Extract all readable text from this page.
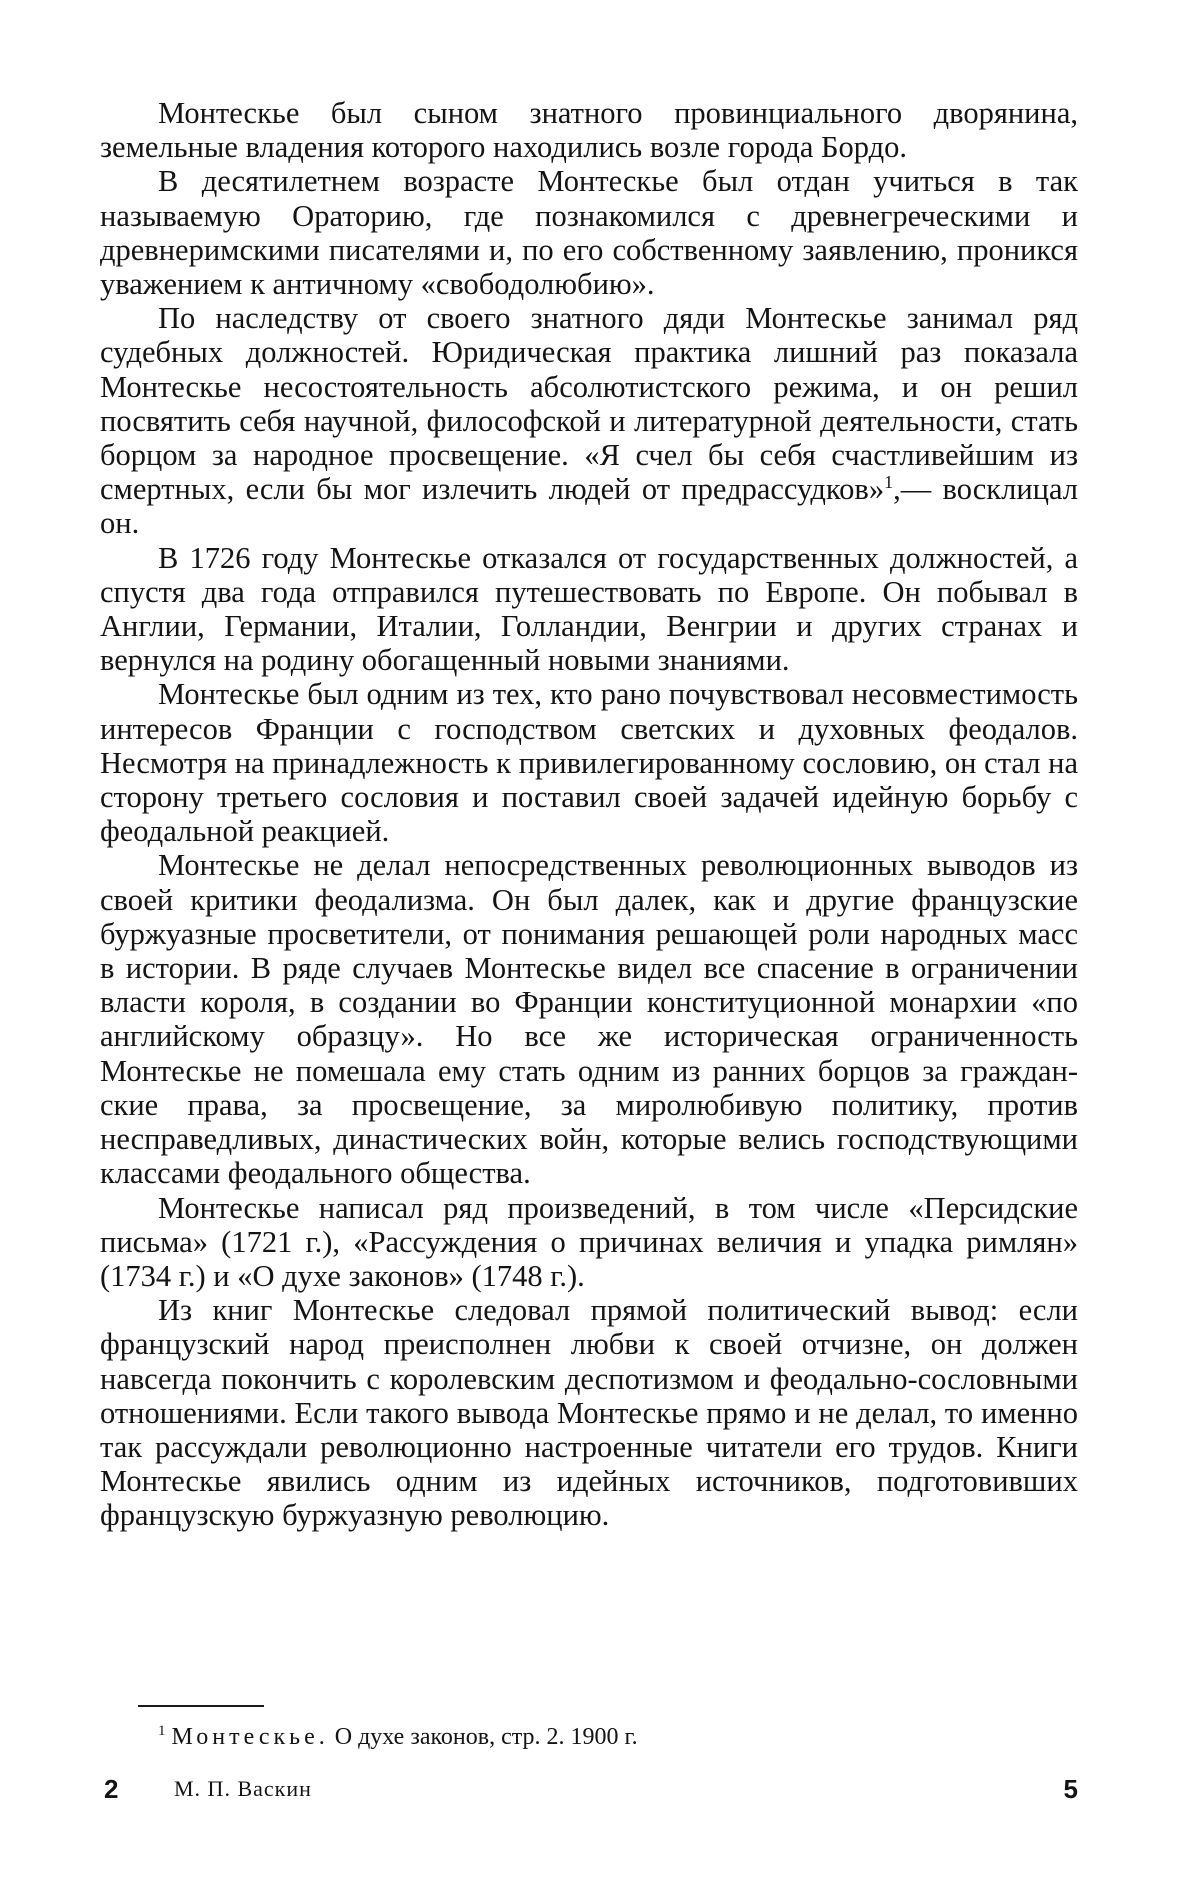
Монтескье был сыном знатного провинциального дворянина, земельные владения которого находились возле города Бордо.

В десятилетнем возрасте Монтескье был отдан учиться в так называемую Ораторию, где познакомился с древнегреческими и древнеримскими писателями и, по его собственному заявлению, проникся уважением к античному «свободолюбию».

По наследству от своего знатного дяди Монтескье занимал ряд судебных должностей. Юридическая практика лишний раз показала Монтескье несостоятельность абсолютистского режима, и он решил посвятить себя научной, философской и литературной деятельности, стать борцом за народное просвещение. «Я счел бы себя счастливейшим из смертных, если бы мог излечить людей от предрассудков»$^1$,— восклицал он.

В 1726 году Монтескье отказался от государственных должностей, а спустя два года отправился путешествовать по Европе. Он побывал в Англии, Германии, Италии, Голландии, Венгрии и других странах и вернулся на родину обогащенный новыми знаниями.

Монтескье был одним из тех, кто рано почувствовал несовместимость интересов Франции с господством светских и духовных феодалов. Несмотря на принадлежность к привилегированному сословию, он стал на сторону третьего сословия и поставил своей задачей идейную борьбу с феодальной реакцией.

Монтескье не делал непосредственных революционных выводов из своей критики феодализма. Он был далек, как и другие французские буржуазные просветители, от понимания решающей роли народных масс в истории. В ряде случаев Монтескье видел все спасение в ограничении власти короля, в создании во Франции конституционной монархии «по английскому образцу». Но все же историческая ограниченность Монтескье не помешала ему стать одним из ранних борцов за гражданские права, за просвещение, за миролюбивую политику, против несправедливых, династических войн, которые велись господствующими классами феодального общества.

Монтескье написал ряд произведений, в том числе «Персидские письма» (1721 г.), «Рассуждения о причинах величия и упадка римлян» (1734 г.) и «О духе законов» (1748 г.).

Из книг Монтескье следовал прямой политический вывод: если французский народ преисполнен любви к своей отчизне, он должен навсегда покончить с королевским деспотизмом и феодально-сословными отношениями. Если такого вывода Монтескье прямо и не делал, то именно так рассуждали революционно настроенные читатели его трудов. Книги Монтескье явились одним из идейных источников, подготовивших французскую буржуазную революцию.

$^1$ Монтескье. О духе законов, стр. 2. 1900 г.

2	М. П. Васкин	5
